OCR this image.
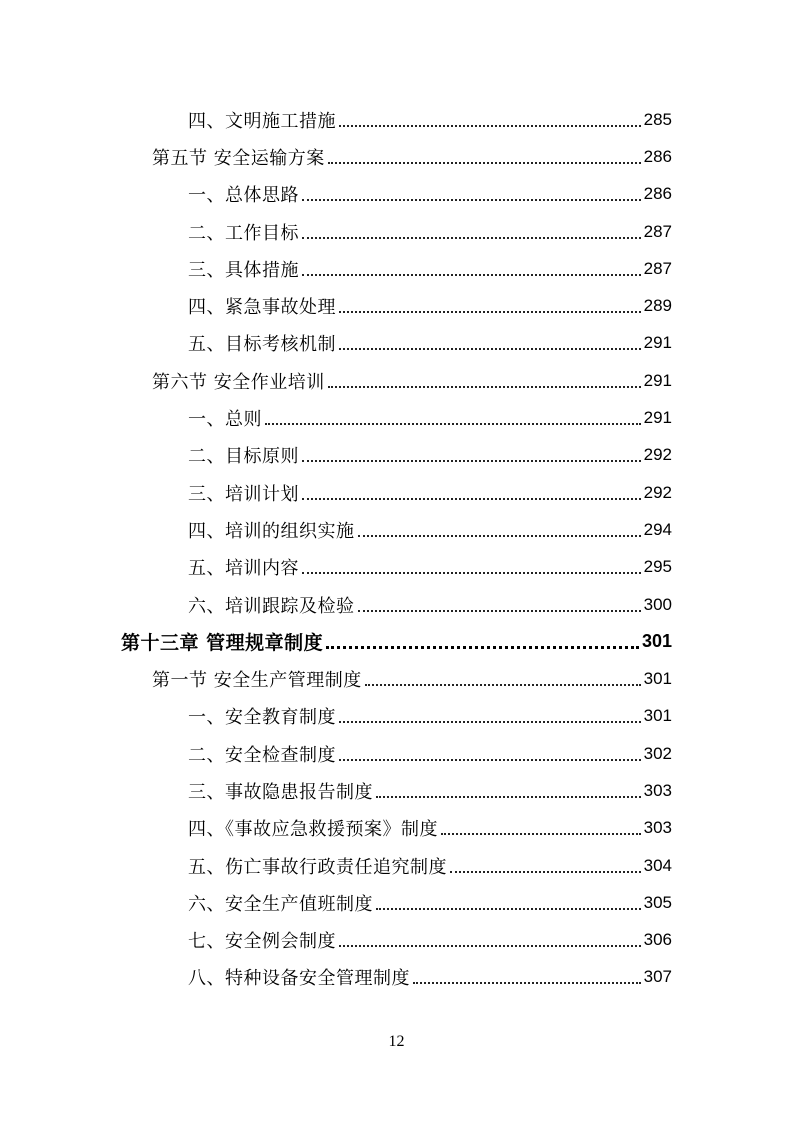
四、文明施工措施	285
第五节 安全运输方案	286
一、总体思路	286
二、工作目标	287
三、具体措施	287
四、紧急事故处理	289
五、目标考核机制	291
第六节 安全作业培训	291
一、总则	291
二、目标原则	292
三、培训计划	292
四、培训的组织实施	294
五、培训内容	295
六、培训跟踪及检验	300
第十三章 管理规章制度	301
第一节 安全生产管理制度	301
一、安全教育制度	301
二、安全检查制度	302
三、事故隐患报告制度	303
四、《事故应急救援预案》制度	303
五、伤亡事故行政责任追究制度	304
六、安全生产值班制度	305
七、安全例会制度	306
八、特种设备安全管理制度	307
12
